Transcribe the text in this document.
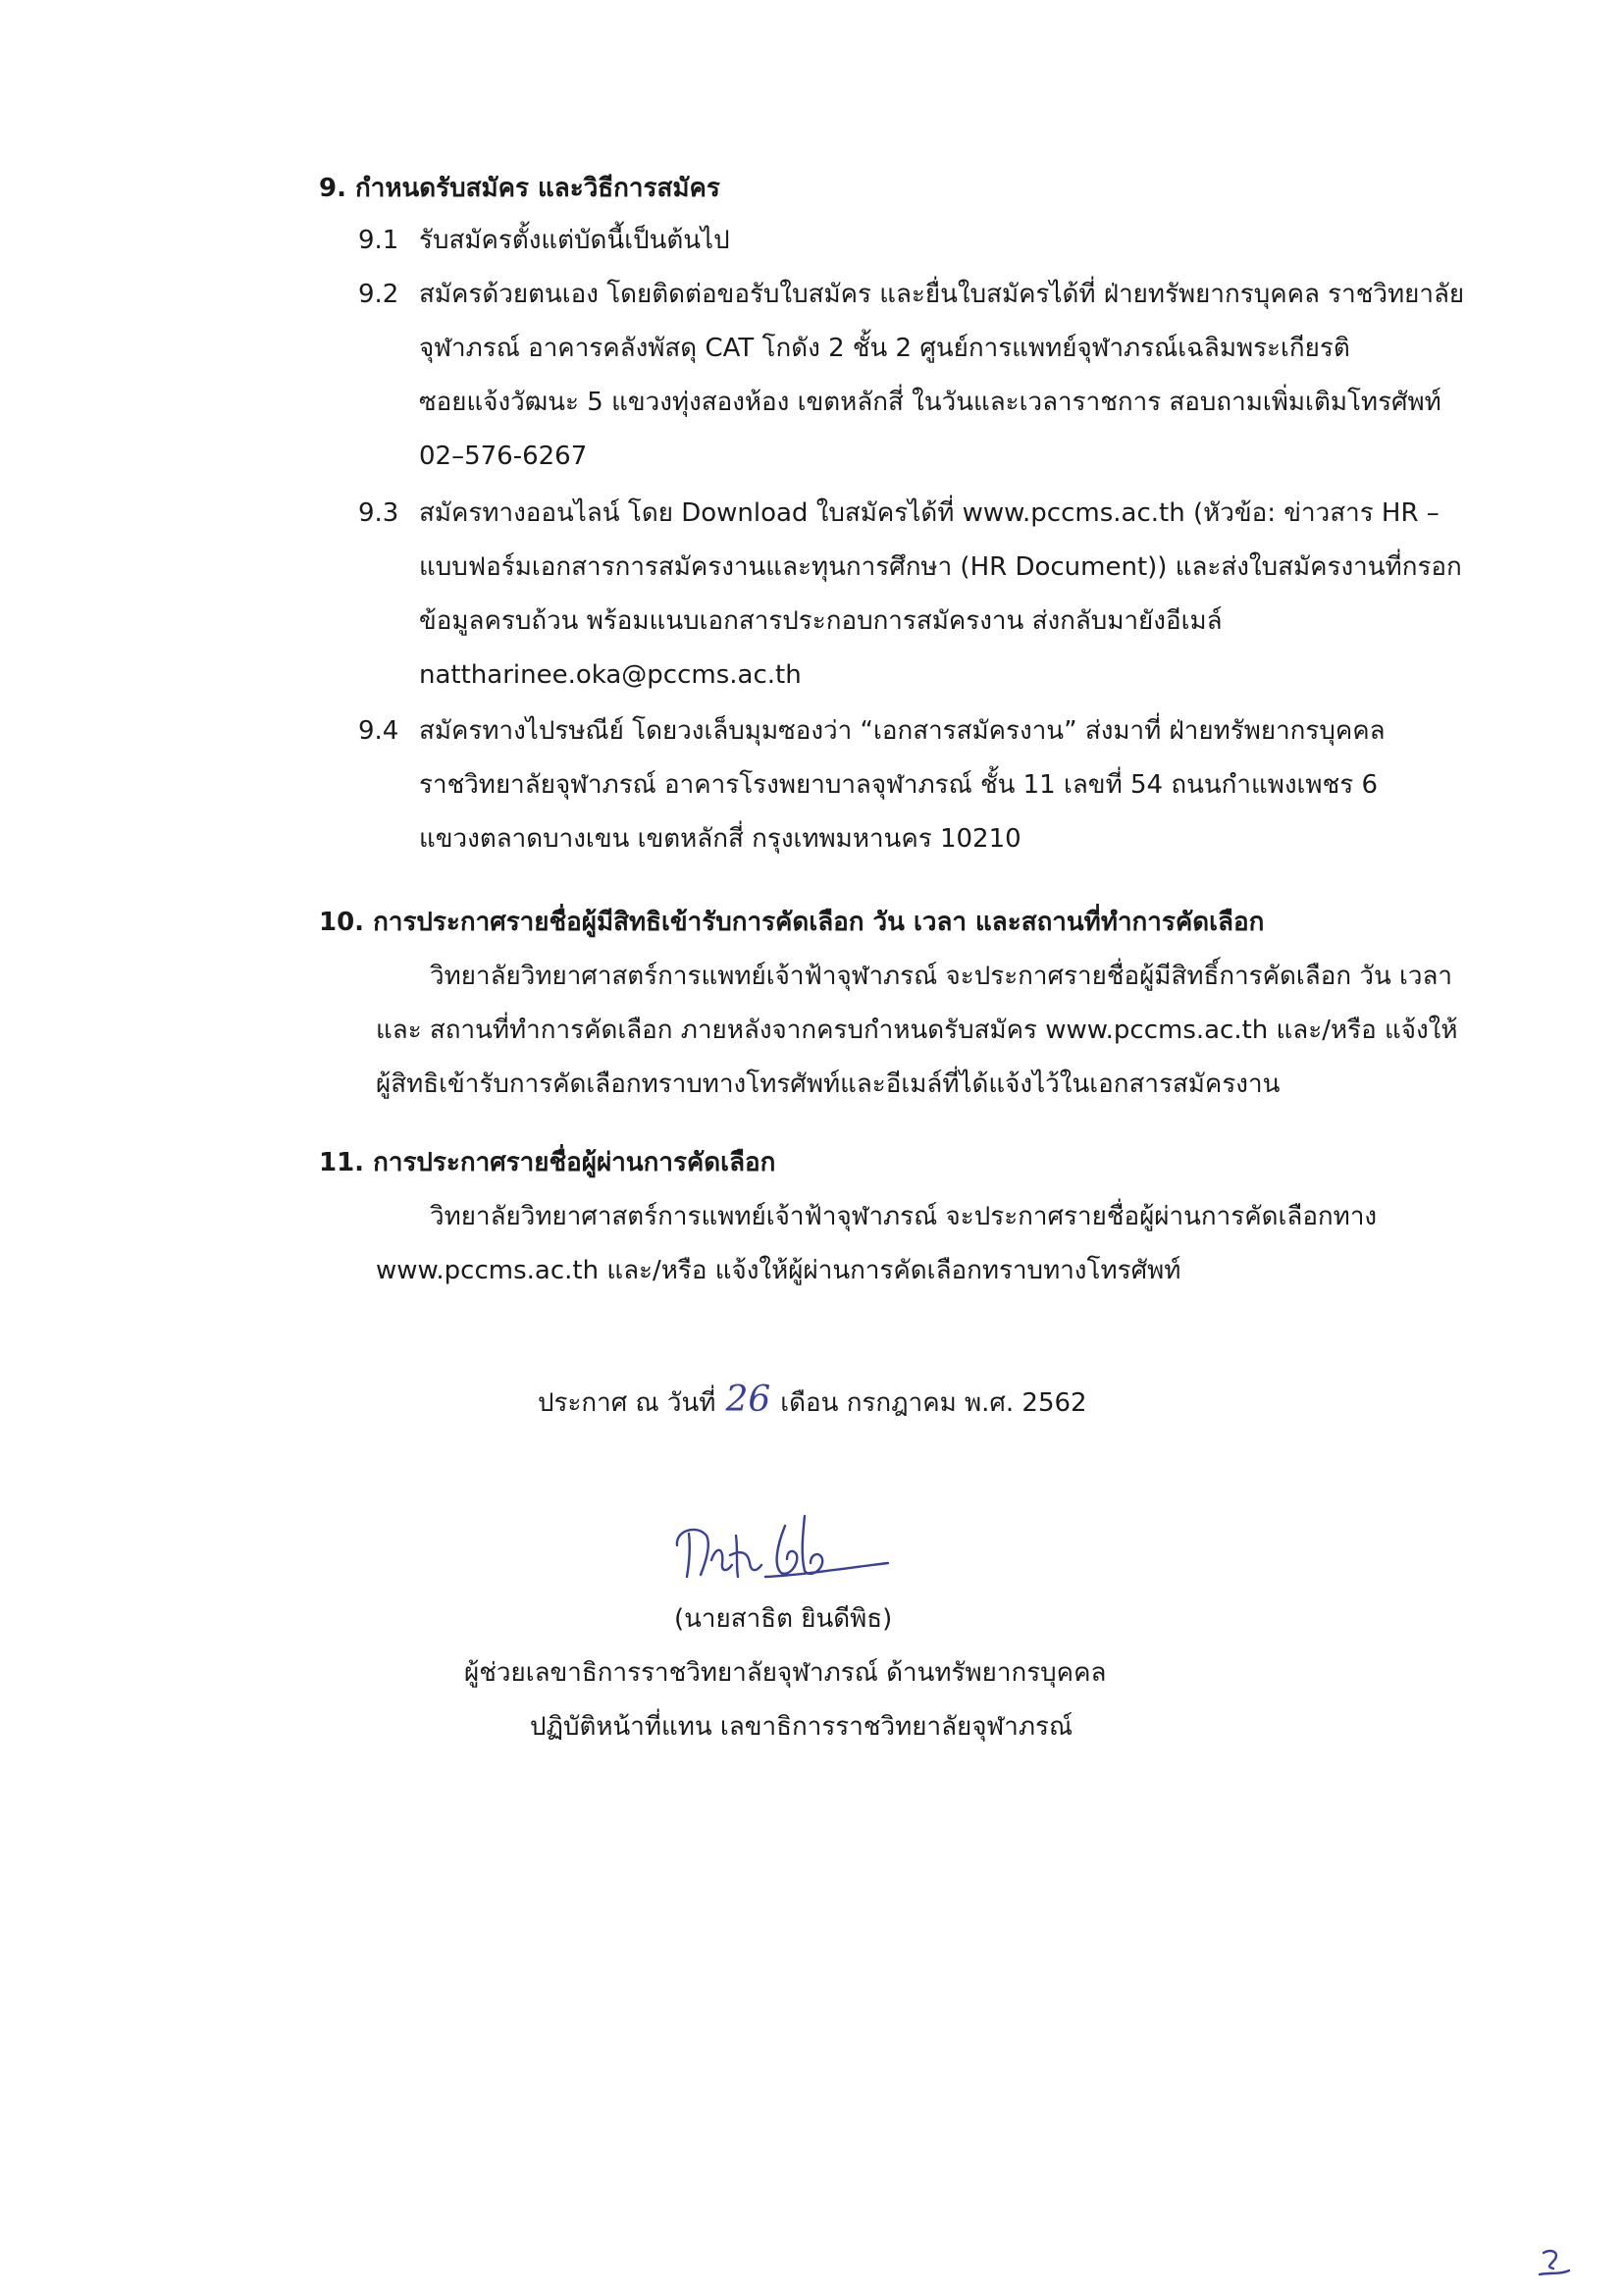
9. กำหนดรับสมัคร และวิธีการสมัคร
9.1 รับสมัครตั้งแต่บัดนี้เป็นต้นไป
9.2 สมัครด้วยตนเอง โดยติดต่อขอรับใบสมัคร และยื่นใบสมัครได้ที่ ฝ่ายทรัพยากรบุคคล ราชวิทยาลัย
จุฬาภรณ์ อาคารคลังพัสดุ CAT โกดัง 2 ชั้น 2 ศูนย์การแพทย์จุฬาภรณ์เฉลิมพระเกียรติ
ซอยแจ้งวัฒนะ 5 แขวงทุ่งสองห้อง เขตหลักสี่ ในวันและเวลาราชการ สอบถามเพิ่มเติมโทรศัพท์
02–576-6267
9.3 สมัครทางออนไลน์ โดย Download ใบสมัครได้ที่ www.pccms.ac.th (หัวข้อ: ข่าวสาร HR –
แบบฟอร์มเอกสารการสมัครงานและทุนการศึกษา (HR Document)) และส่งใบสมัครงานที่กรอก
ข้อมูลครบถ้วน พร้อมแนบเอกสารประกอบการสมัครงาน ส่งกลับมายังอีเมล์
nattharinee.oka@pccms.ac.th
9.4 สมัครทางไปรษณีย์ โดยวงเล็บมุมซองว่า “เอกสารสมัครงาน” ส่งมาที่ ฝ่ายทรัพยากรบุคคล
ราชวิทยาลัยจุฬาภรณ์ อาคารโรงพยาบาลจุฬาภรณ์ ชั้น 11 เลขที่ 54 ถนนกำแพงเพชร 6
แขวงตลาดบางเขน เขตหลักสี่ กรุงเทพมหานคร 10210
10. การประกาศรายชื่อผู้มีสิทธิเข้ารับการคัดเลือก วัน เวลา และสถานที่ทำการคัดเลือก
วิทยาลัยวิทยาศาสตร์การแพทย์เจ้าฟ้าจุฬาภรณ์ จะประกาศรายชื่อผู้มีสิทธิ์การคัดเลือก วัน เวลา
และ สถานที่ทำการคัดเลือก ภายหลังจากครบกำหนดรับสมัคร www.pccms.ac.th และ/หรือ แจ้งให้
ผู้สิทธิเข้ารับการคัดเลือกทราบทางโทรศัพท์และอีเมล์ที่ได้แจ้งไว้ในเอกสารสมัครงาน
11. การประกาศรายชื่อผู้ผ่านการคัดเลือก
วิทยาลัยวิทยาศาสตร์การแพทย์เจ้าฟ้าจุฬาภรณ์ จะประกาศรายชื่อผู้ผ่านการคัดเลือกทาง
www.pccms.ac.th และ/หรือ แจ้งให้ผู้ผ่านการคัดเลือกทราบทางโทรศัพท์
ประกาศ ณ วันที่ 26 เดือน กรกฎาคม พ.ศ. 2562
(นายสาธิต ยินดีพิธ)
ผู้ช่วยเลขาธิการราชวิทยาลัยจุฬาภรณ์ ด้านทรัพยากรบุคคล
ปฏิบัติหน้าที่แทน เลขาธิการราชวิทยาลัยจุฬาภรณ์
